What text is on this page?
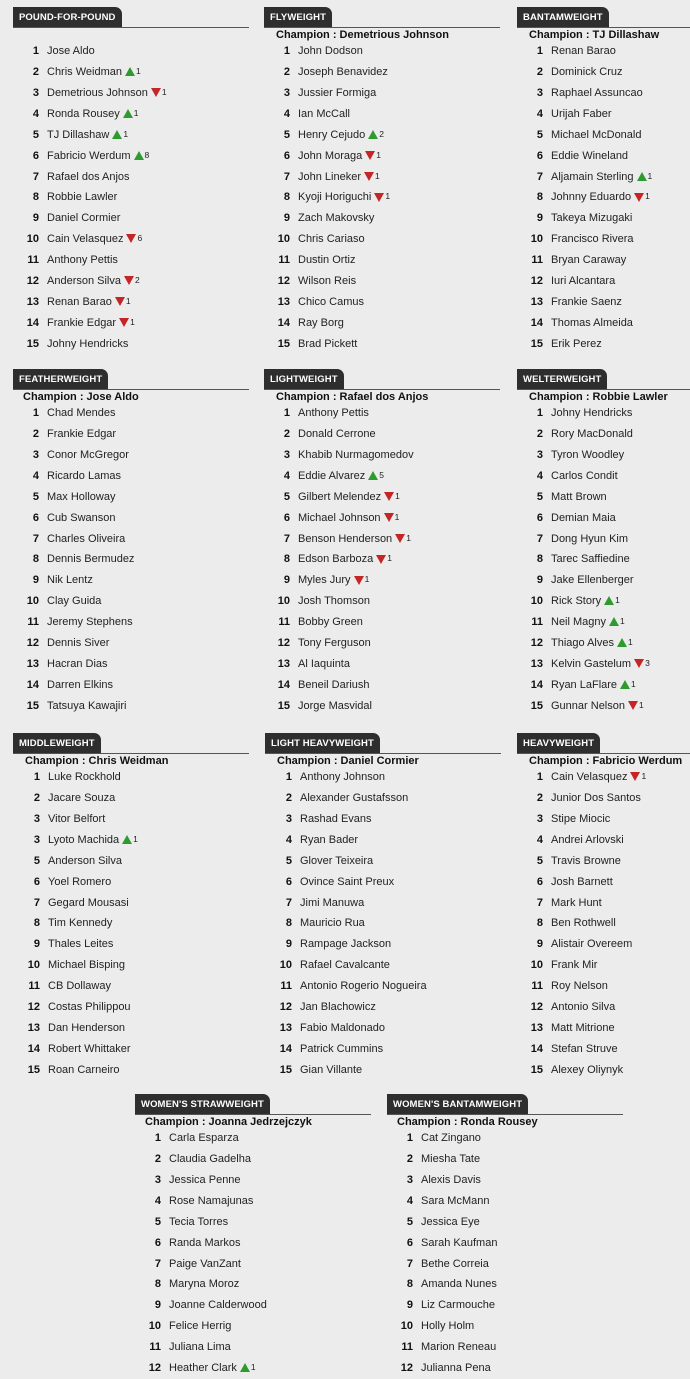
POUND-FOR-POUND
1 Jose Aldo
2 Chris Weidman 1
3 Demetrious Johnson 1
4 Ronda Rousey 1
5 TJ Dillashaw 1
6 Fabricio Werdum 8
7 Rafael dos Anjos
8 Robbie Lawler
9 Daniel Cormier
10 Cain Velasquez 6
11 Anthony Pettis
12 Anderson Silva 2
13 Renan Barao 1
14 Frankie Edgar 1
15 Johny Hendricks
FLYWEIGHT
Champion : Demetrious Johnson
1 John Dodson
2 Joseph Benavidez
3 Jussier Formiga
4 Ian McCall
5 Henry Cejudo 2
6 John Moraga 1
7 John Lineker 1
8 Kyoji Horiguchi 1
9 Zach Makovsky
10 Chris Cariaso
11 Dustin Ortiz
12 Wilson Reis
13 Chico Camus
14 Ray Borg
15 Brad Pickett
BANTAMWEIGHT
Champion : TJ Dillashaw
1 Renan Barao
2 Dominick Cruz
3 Raphael Assuncao
4 Urijah Faber
5 Michael McDonald
6 Eddie Wineland
7 Aljamain Sterling 1
8 Johnny Eduardo 1
9 Takeya Mizugaki
10 Francisco Rivera
11 Bryan Caraway
12 Iuri Alcantara
13 Frankie Saenz
14 Thomas Almeida
15 Erik Perez
FEATHERWEIGHT
Champion : Jose Aldo
1 Chad Mendes
2 Frankie Edgar
3 Conor McGregor
4 Ricardo Lamas
5 Max Holloway
6 Cub Swanson
7 Charles Oliveira
8 Dennis Bermudez
9 Nik Lentz
10 Clay Guida
11 Jeremy Stephens
12 Dennis Siver
13 Hacran Dias
14 Darren Elkins
15 Tatsuya Kawajiri
LIGHTWEIGHT
Champion : Rafael dos Anjos
1 Anthony Pettis
2 Donald Cerrone
3 Khabib Nurmagomedov
4 Eddie Alvarez 5
5 Gilbert Melendez 1
6 Michael Johnson 1
7 Benson Henderson 1
8 Edson Barboza 1
9 Myles Jury 1
10 Josh Thomson
11 Bobby Green
12 Tony Ferguson
13 Al Iaquinta
14 Beneil Dariush
15 Jorge Masvidal
WELTERWEIGHT
Champion : Robbie Lawler
1 Johny Hendricks
2 Rory MacDonald
3 Tyron Woodley
4 Carlos Condit
5 Matt Brown
6 Demian Maia
7 Dong Hyun Kim
8 Tarec Saffiedine
9 Jake Ellenberger
10 Rick Story 1
11 Neil Magny 1
12 Thiago Alves 1
13 Kelvin Gastelum 3
14 Ryan LaFlare 1
15 Gunnar Nelson 1
MIDDLEWEIGHT
Champion : Chris Weidman
1 Luke Rockhold
2 Jacare Souza
3 Vitor Belfort
3 Lyoto Machida 1
5 Anderson Silva
6 Yoel Romero
7 Gegard Mousasi
8 Tim Kennedy
9 Thales Leites
10 Michael Bisping
11 CB Dollaway
12 Costas Philippou
13 Dan Henderson
14 Robert Whittaker
15 Roan Carneiro
LIGHT HEAVYWEIGHT
Champion : Daniel Cormier
1 Anthony Johnson
2 Alexander Gustafsson
3 Rashad Evans
4 Ryan Bader
5 Glover Teixeira
6 Ovince Saint Preux
7 Jimi Manuwa
8 Mauricio Rua
9 Rampage Jackson
10 Rafael Cavalcante
11 Antonio Rogerio Nogueira
12 Jan Blachowicz
13 Fabio Maldonado
14 Patrick Cummins
15 Gian Villante
HEAVYWEIGHT
Champion : Fabricio Werdum
1 Cain Velasquez 1
2 Junior Dos Santos
3 Stipe Miocic
4 Andrei Arlovski
5 Travis Browne
6 Josh Barnett
7 Mark Hunt
8 Ben Rothwell
9 Alistair Overeem
10 Frank Mir
11 Roy Nelson
12 Antonio Silva
13 Matt Mitrione
14 Stefan Struve
15 Alexey Oliynyk
WOMEN'S STRAWWEIGHT
Champion : Joanna Jedrzejczyk
1 Carla Esparza
2 Claudia Gadelha
3 Jessica Penne
4 Rose Namajunas
5 Tecia Torres
6 Randa Markos
7 Paige VanZant
8 Maryna Moroz
9 Joanne Calderwood
10 Felice Herrig
11 Juliana Lima
12 Heather Clark 1
WOMEN'S BANTAMWEIGHT
Champion : Ronda Rousey
1 Cat Zingano
2 Miesha Tate
3 Alexis Davis
4 Sara McMann
5 Jessica Eye
6 Sarah Kaufman
7 Bethe Correia
8 Amanda Nunes
9 Liz Carmouche
10 Holly Holm
11 Marion Reneau
12 Julianna Pena
